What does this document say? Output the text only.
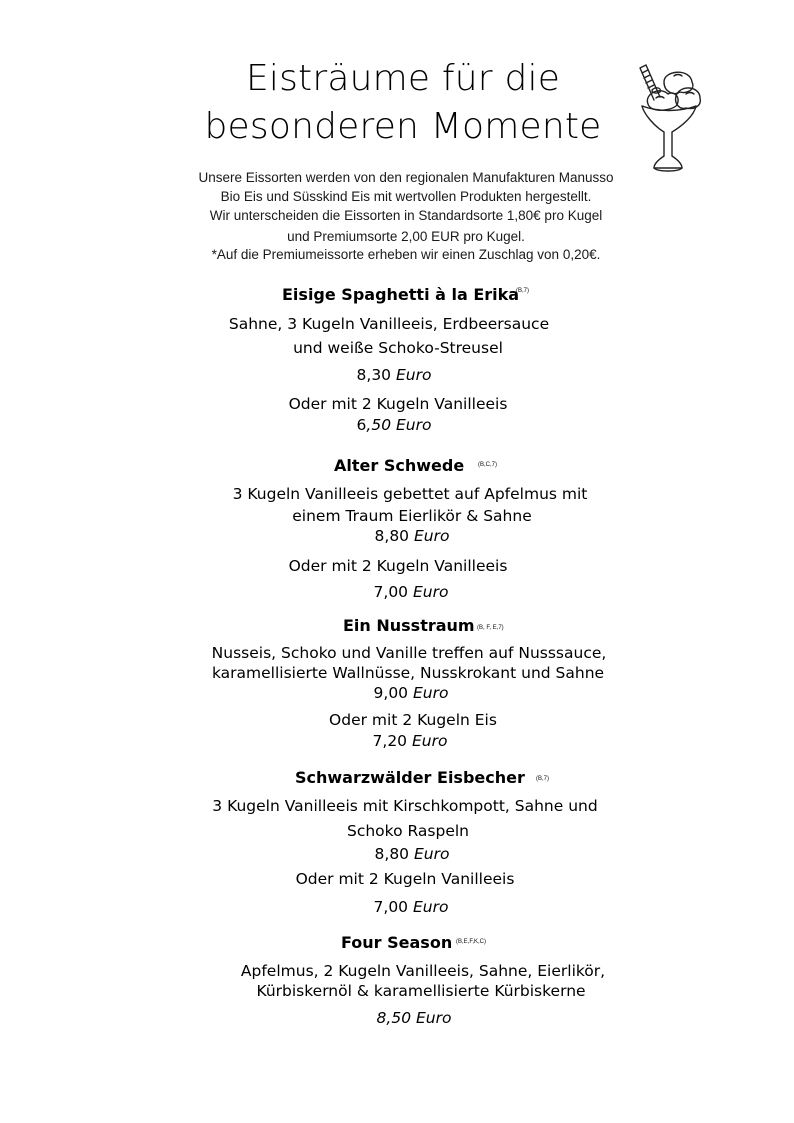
Eisträume für die
besonderen Momente
Unsere Eissorten werden von den regionalen Manufakturen Manusso
Bio Eis und Süsskind Eis mit wertvollen Produkten hergestellt.
Wir unterscheiden die Eissorten in Standardsorte 1,80€ pro Kugel
und Premiumsorte 2,00 EUR pro Kugel.
*Auf die Premiumeissorte erheben wir einen Zuschlag von 0,20€.
Eisige Spaghetti à la Erika
(B,7)
Sahne, 3 Kugeln Vanilleeis, Erdbeersauce
und weiße Schoko-Streusel
8,30 Euro
Oder mit 2 Kugeln Vanilleeis
6,50 Euro
Alter Schwede (B,C,7)
3 Kugeln Vanilleeis gebettet auf Apfelmus mit
einem Traum Eierlikör & Sahne
8,80 Euro
Oder mit 2 Kugeln Vanilleeis
7,00 Euro
Ein Nusstraum (B, F, E,7)
Nusseis, Schoko und Vanille treffen auf Nusssauce,
karamellisierte Wallnüsse, Nusskrokant und Sahne
9,00 Euro
Oder mit 2 Kugeln Eis
7,20 Euro
Schwarzwälder Eisbecher (B,7)
3 Kugeln Vanilleeis mit Kirschkompott, Sahne und
Schoko Raspeln
8,80 Euro
Oder mit 2 Kugeln Vanilleeis
7,00 Euro
Four Season (B,E,F,K,C)
Apfelmus, 2 Kugeln Vanilleeis, Sahne, Eierlikör,
Kürbiskernöl & karamellisierte Kürbiskerne
8,50 Euro
